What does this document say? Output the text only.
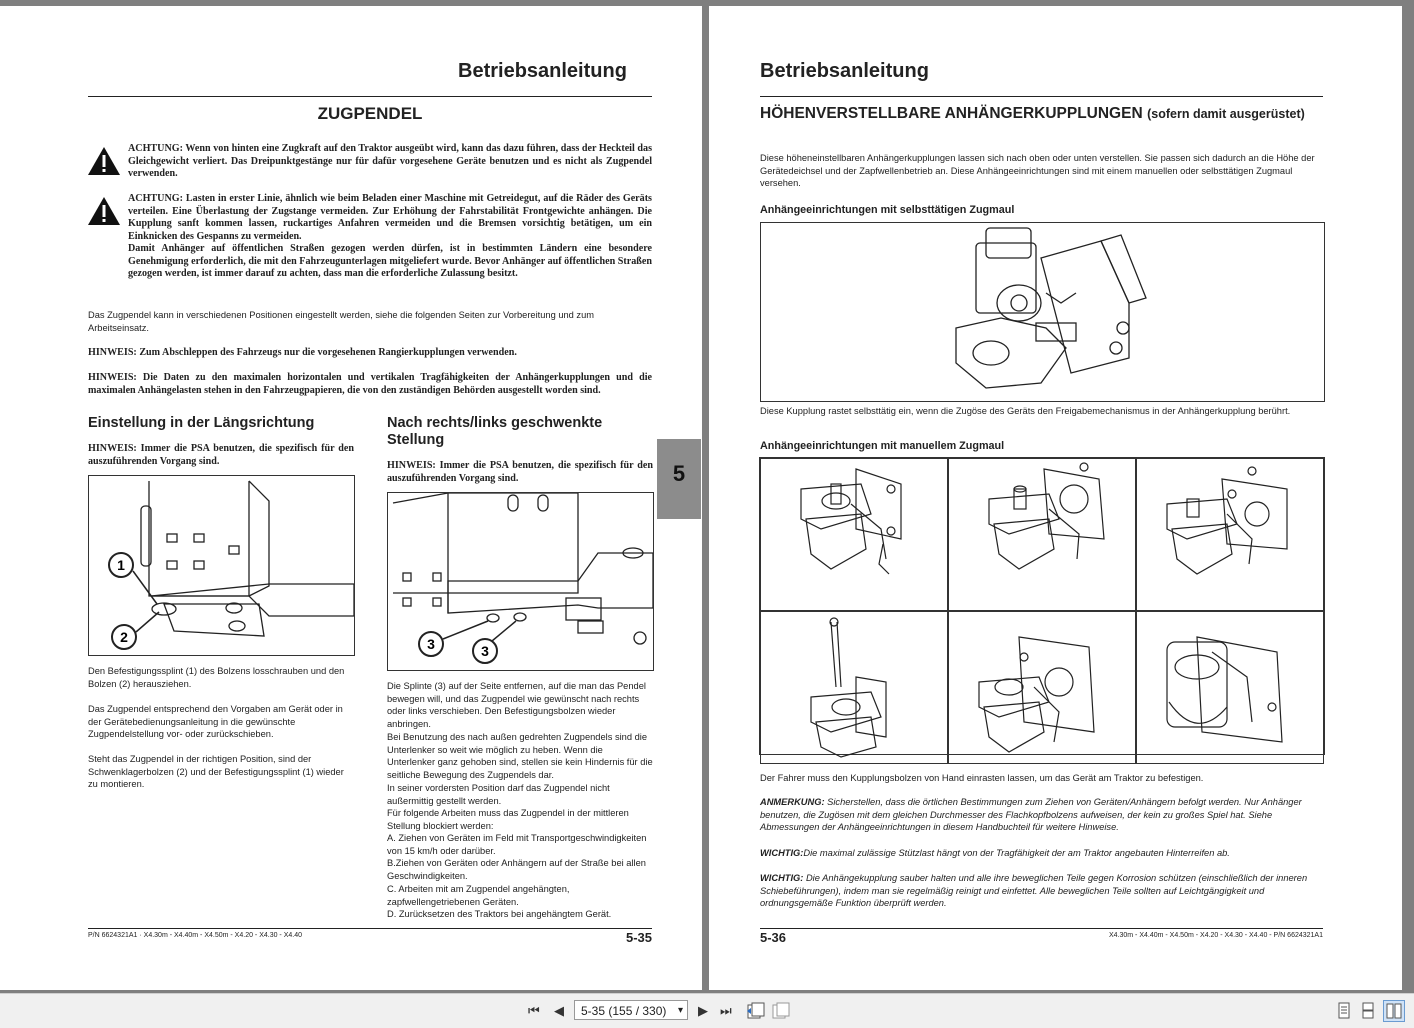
Betriebsanleitung
ZUGPENDEL

ACHTUNG: Wenn von hinten eine Zugkraft auf den Traktor ausgeübt wird, kann das dazu führen, dass der Heckteil das Gleichgewicht verliert. Das Dreipunktgestänge nur für dafür vorgesehene Geräte benutzen und es nicht als Zugpendel verwenden.

ACHTUNG: Lasten in erster Linie, ähnlich wie beim Beladen einer Maschine mit Getreidegut, auf die Räder des Geräts verteilen. Eine Überlastung der Zugstange vermeiden. Zur Erhöhung der Fahrstabilität Frontgewichte anhängen. Die Kupplung sanft kommen lassen, ruckartiges Anfahren vermeiden und die Bremsen vorsichtig betätigen, um ein Einknicken des Gespanns zu vermeiden.

Damit Anhänger auf öffentlichen Straßen gezogen werden dürfen, ist in bestimmten Ländern eine besondere Genehmigung erforderlich, die mit den Fahrzeugunterlagen mitgeliefert wurde. Bevor Anhänger auf öffentlichen Straßen gezogen werden, ist immer darauf zu achten, dass man die erforderliche Zulassung besitzt.

Das Zugpendel kann in verschiedenen Positionen eingestellt werden, siehe die folgenden Seiten zur Vorbereitung und zum Arbeitseinsatz.

HINWEIS: Zum Abschleppen des Fahrzeugs nur die vorgesehenen Rangierkupplungen verwenden.

HINWEIS: Die Daten zu den maximalen horizontalen und vertikalen Tragfähigkeiten der Anhängerkupplungen und die maximalen Anhängelasten stehen in den Fahrzeugpapieren, die von den zuständigen Behörden ausgestellt worden sind.

Einstellung in der Längsrichtung

HINWEIS: Immer die PSA benutzen, die spezifisch für den auszuführenden Vorgang sind.

1
2

Den Befestigungssplint (1) des Bolzens losschrauben und den Bolzen (2) herausziehen.

Das Zugpendel entsprechend den Vorgaben am Gerät oder in der Gerätebedienungsanleitung in die gewünschte Zugpendelstellung vor- oder zurückschieben.

Steht das Zugpendel in der richtigen Position, sind der Schwenklagerbolzen (2) und der Befestigungssplint (1) wieder zu montieren.

Nach rechts/links geschwenkte Stellung

HINWEIS: Immer die PSA benutzen, die spezifisch für den auszuführenden Vorgang sind.

3	3

Die Splinte (3) auf der Seite entfernen, auf die man das Pendel bewegen will, und das Zugpendel wie gewünscht nach rechts oder links verschieben. Den Befestigungsbolzen wieder anbringen.

Bei Benutzung des nach außen gedrehten Zugpendels sind die Unterlenker so weit wie möglich zu heben. Wenn die Unterlenker ganz gehoben sind, stellen sie kein Hindernis für die seitliche Bewegung des Zugpendels dar.

In seiner vordersten Position darf das Zugpendel nicht außermittig gestellt werden.

Für folgende Arbeiten muss das Zugpendel in der mittleren Stellung blockiert werden:

A. Ziehen von Geräten im Feld mit Transportgeschwindigkeiten von 15 km/h oder darüber.

B.Ziehen von Geräten oder Anhängern auf der Straße bei allen Geschwindigkeiten.

C. Arbeiten mit am Zugpendel angehängten, zapfwellengetriebenen Geräten.

D. Zurücksetzen des Traktors bei angehängtem Gerät.

5
P/N 6624321A1 · X4.30m - X4.40m - X4.50m - X4.20 - X4.30 - X4.40	5-35
Betriebsanleitung
HÖHENVERSTELLBARE ANHÄNGERKUPPLUNGEN (sofern damit ausgerüstet)

Diese höheneinstellbaren Anhängerkupplungen lassen sich nach oben oder unten verstellen. Sie passen sich dadurch an die Höhe der Gerätedeichsel und der Zapfwellenbetrieb an. Diese Anhängeeinrichtungen sind mit einem manuellen oder selbsttätigen Zugmaul versehen.

Anhängeeinrichtungen mit selbsttätigen Zugmaul

Diese Kupplung rastet selbsttätig ein, wenn die Zugöse des Geräts den Freigabemechanismus in der Anhängerkupplung berührt.

Anhängeeinrichtungen mit manuellem Zugmaul

Der Fahrer muss den Kupplungsbolzen von Hand einrasten lassen, um das Gerät am Traktor zu befestigen.

ANMERKUNG: Sicherstellen, dass die örtlichen Bestimmungen zum Ziehen von Geräten/Anhängern befolgt werden. Nur Anhänger benutzen, die Zugösen mit dem gleichen Durchmesser des Flachkopfbolzens aufweisen, der kein zu großes Spiel hat. Siehe Abmessungen der Anhängeeinrichtungen in diesem Handbuchteil für weitere Hinweise.

WICHTIG:Die maximal zulässige Stützlast hängt von der Tragfähigkeit der am Traktor angebauten Hinterreifen ab.

WICHTIG: Die Anhängekupplung sauber halten und alle ihre beweglichen Teile gegen Korrosion schützen (einschließlich der inneren Schiebeführungen), indem man sie regelmäßig reinigt und einfettet. Alle beweglichen Teile sollten auf Leichtgängigkeit und ordnungsgemäße Funktion überprüft werden.

5-36	X4.30m - X4.40m - X4.50m - X4.20 - X4.30 - X4.40 - P/N 6624321A1
⏮ ◀	5-35 (155 / 330) ▾ ▶ ⏭
